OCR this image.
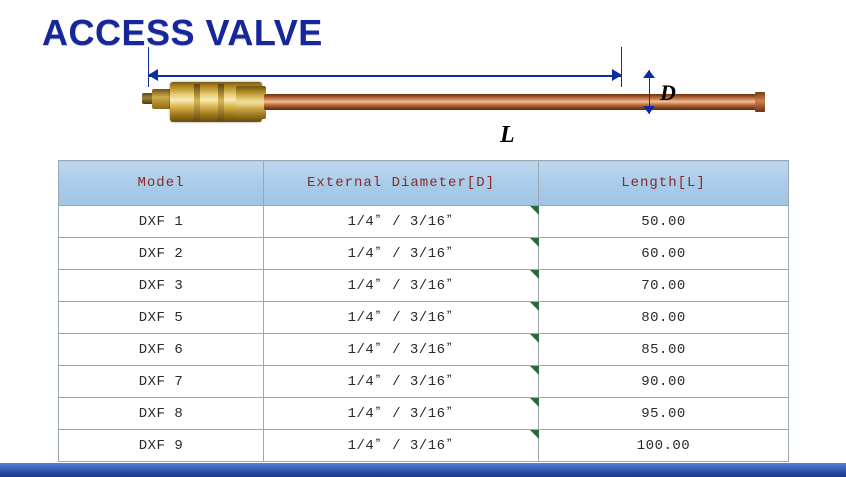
ACCESS VALVE
D
L
Model	External Diameter[D]	Length[L]
DXF 1	1/4ˮ / 3/16ˮ	50.00
DXF 2	1/4ˮ / 3/16ˮ	60.00
DXF 3	1/4ˮ / 3/16ˮ	70.00
DXF 5	1/4ˮ / 3/16ˮ	80.00
DXF 6	1/4ˮ / 3/16ˮ	85.00
DXF 7	1/4ˮ / 3/16ˮ	90.00
DXF 8	1/4ˮ / 3/16ˮ	95.00
DXF 9	1/4ˮ / 3/16ˮ	100.00
